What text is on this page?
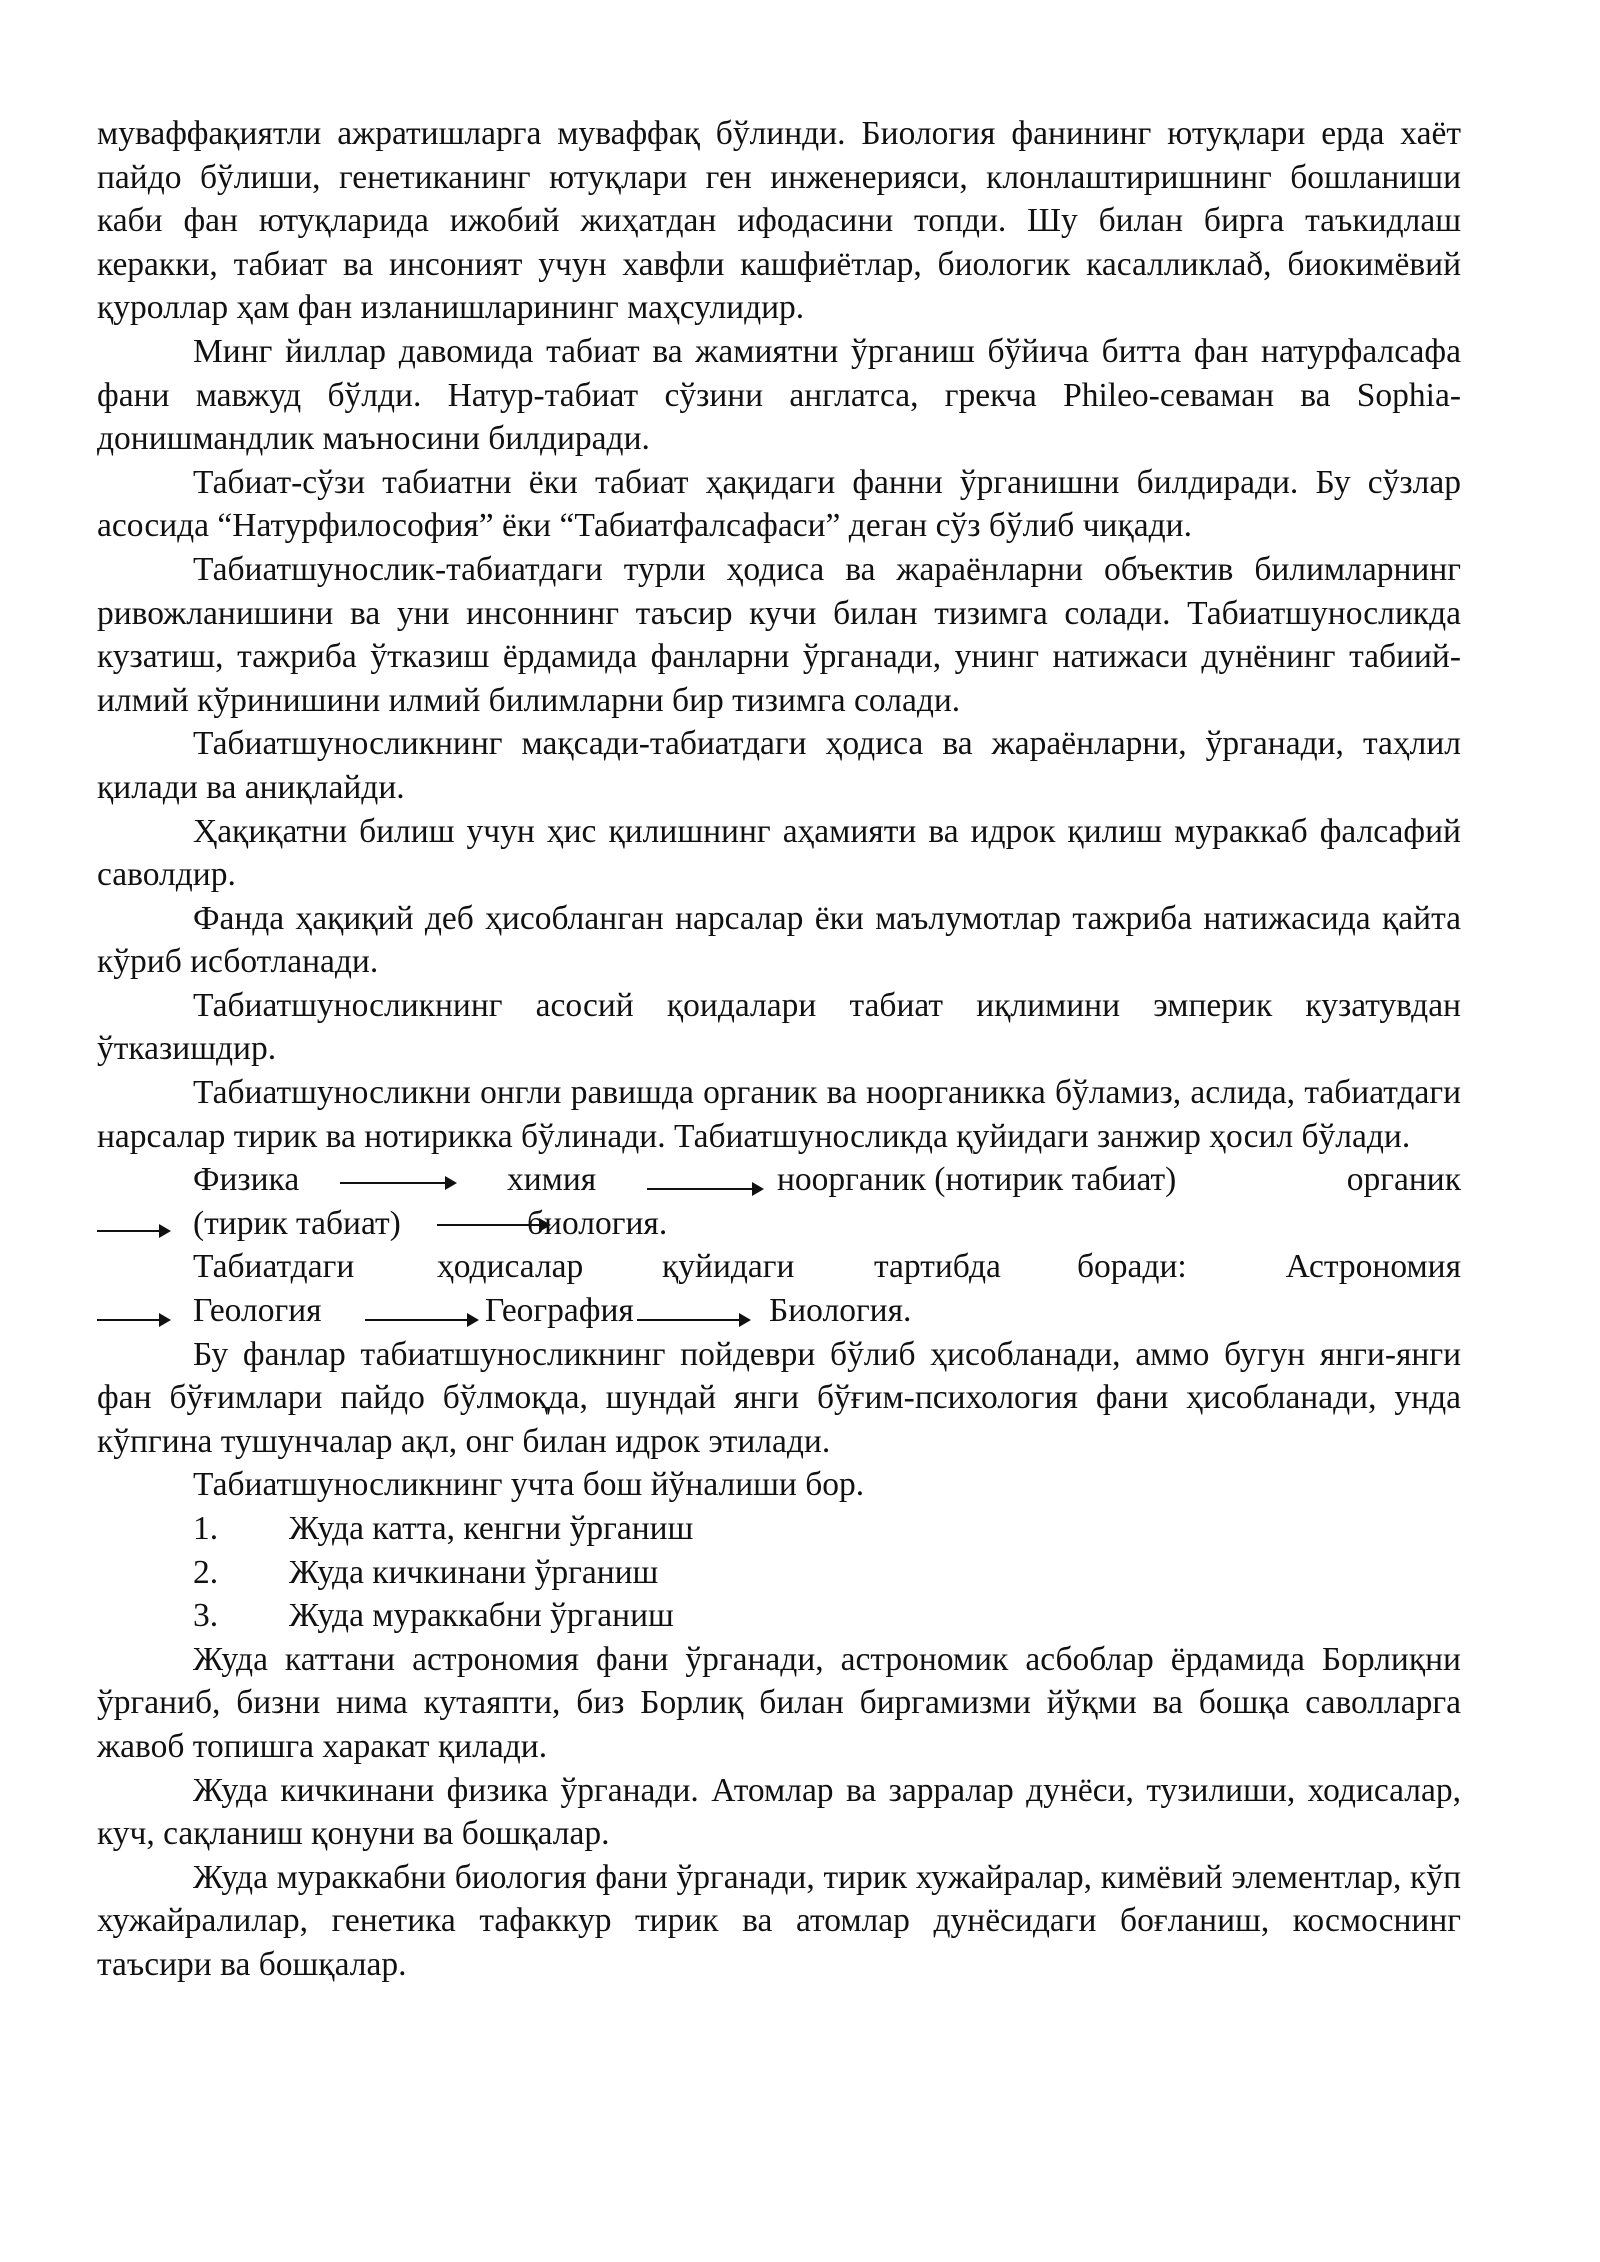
муваффақиятли ажратишларга муваффақ бўлинди. Биология фанининг ютуқлари ерда хаёт пайдо бўлиши, генетиканинг ютуқлари ген инженерияси, клонлаштиришнинг бошланиши каби фан ютуқларида ижобий жиҳатдан ифодасини топди. Шу билан бирга таъкидлаш керакки, табиат ва инсоният учун хавфли кашфиётлар, биологик касалликлаð, биокимёвий қуроллар ҳам фан изланишларининг маҳсулидир.

Минг йиллар давомида табиат ва жамиятни ўрганиш бўйича битта фан натурфалсафа фани мавжуд бўлди. Натур-табиат сўзини англатса, грекча Phileo-севаман ва Sophia-донишмандлик маъносини билдиради.

Табиат-сўзи табиатни ёки табиат ҳақидаги фанни ўрганишни билдиради. Бу сўзлар асосида “Натурфилософия” ёки “Табиатфалсафаси” деган сўз бўлиб чиқади.

Табиатшунослик-табиатдаги турли ҳодиса ва жараёнларни объектив билимларнинг ривожланишини ва уни инсоннинг таъсир кучи билан тизимга солади. Табиатшуносликда кузатиш, тажриба ўтказиш ёрдамида фанларни ўрганади, унинг натижаси дунёнинг табиий-илмий кўринишини илмий билимларни бир тизимга солади.

Табиатшуносликнинг мақсади-табиатдаги ҳодиса ва жараёнларни, ўрганади, таҳлил қилади ва аниқлайди.

Ҳақиқатни билиш учун ҳис қилишнинг аҳамияти ва идрок қилиш мураккаб фалсафий саволдир.

Фанда ҳақиқий деб ҳисобланган нарсалар ёки маълумотлар тажриба натижасида қайта кўриб исботланади.

Табиатшуносликнинг асосий қоидалари табиат иқлимини эмперик кузатувдан ўтказишдир.

Табиатшуносликни онгли равишда органик ва ноорганикка бўламиз, аслида, табиатдаги нарсалар тирик ва нотирикка бўлинади. Табиатшуносликда қуйидаги занжир ҳосил бўлади.

Физика	химия	ноорганик (нотирик табиат)	органик
(тирик табиат)	биология.
Табиатдаги ҳодисалар қуйидаги тартибда боради:	Астрономия
Геология	География	Биология.

Бу фанлар табиатшуносликнинг пойдеври бўлиб ҳисобланади, аммо бугун янги-янги фан бўғимлари пайдо бўлмоқда, шундай янги бўғим-психология фани ҳисобланади, унда кўпгина тушунчалар ақл, онг билан идрок этилади.

Табиатшуносликнинг учта бош йўналиши бор.

1. Жуда катта, кенгни ўрганиш
2. Жуда кичкинани ўрганиш
3. Жуда мураккабни ўрганиш

Жуда каттани астрономия фани ўрганади, астрономик асбоблар ёрдамида Борлиқни ўрганиб, бизни нима кутаяпти, биз Борлиқ билан биргамизми йўқми ва бошқа саволларга жавоб топишга харакат қилади.

Жуда кичкинани физика ўрганади. Атомлар ва зарралар дунёси, тузилиши, ходисалар, куч, сақланиш қонуни ва бошқалар.

Жуда мураккабни биология фани ўрганади, тирик хужайралар, кимёвий элементлар, кўп хужайралилар, генетика тафаккур тирик ва атомлар дунёсидаги боғланиш, космоснинг таъсири ва бошқалар.
